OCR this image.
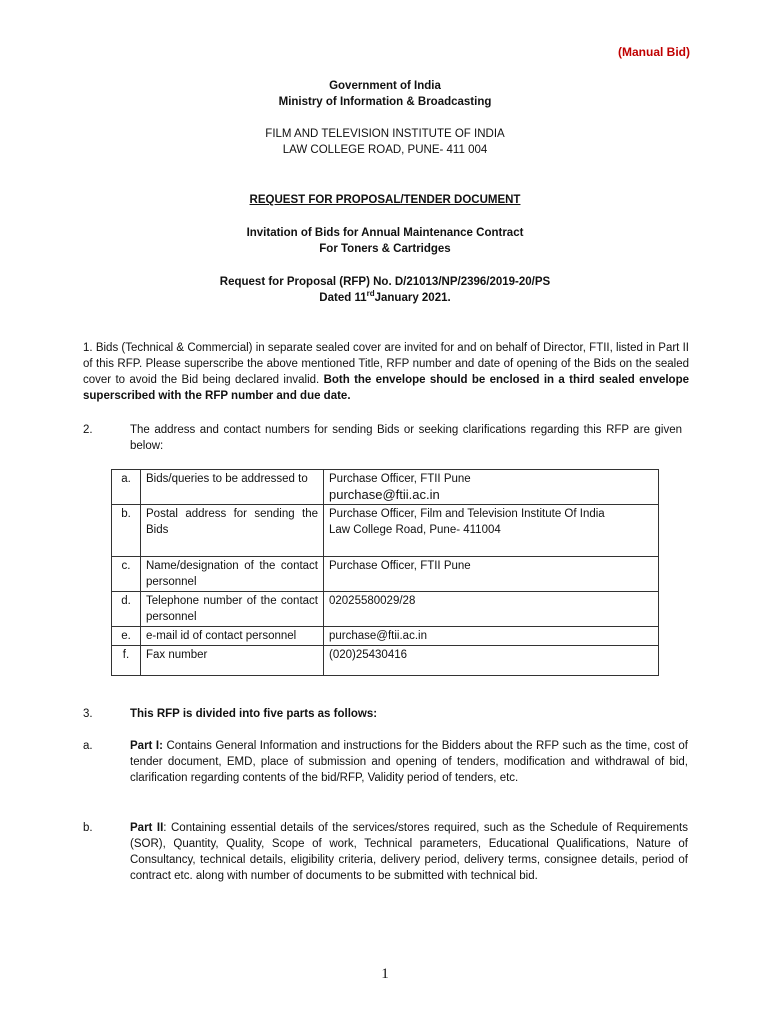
(Manual Bid)
Government of India
Ministry of Information & Broadcasting
FILM AND TELEVISION INSTITUTE OF INDIA
LAW COLLEGE ROAD, PUNE- 411 004
REQUEST FOR PROPOSAL/TENDER DOCUMENT
Invitation of Bids for Annual Maintenance Contract
For Toners & Cartridges
Request for Proposal (RFP) No. D/21013/NP/2396/2019-20/PS
Dated 11rdJanuary 2021.
1. Bids (Technical & Commercial) in separate sealed cover are invited for and on behalf of Director, FTII, listed in Part II of this RFP. Please superscribe the above mentioned Title, RFP number and date of opening of the Bids on the sealed cover to avoid the Bid being declared invalid. Both the envelope should be enclosed in a third sealed envelope superscribed with the RFP number and due date.
2.	The address and contact numbers for sending Bids or seeking clarifications regarding this RFP are given below:
a.	Bids/queries to be addressed to	Purchase Officer, FTII Pune
purchase@ftii.ac.in

b.	Postal address for sending the Bids	Purchase Officer, Film and Television Institute Of India
Law College Road, Pune- 411004

c.	Name/designation of the contact personnel	Purchase Officer, FTII Pune
d.	Telephone number of the contact personnel	02025580029/28
e.	e-mail id of contact personnel	purchase@ftii.ac.in
f.	Fax number	(020)25430416
3.	This RFP is divided into five parts as follows:
a.	Part I: Contains General Information and instructions for the Bidders about the RFP such as the time, cost of tender document, EMD, place of submission and opening of tenders, modification and withdrawal of bid, clarification regarding contents of the bid/RFP, Validity period of tenders, etc.
b.	Part II: Containing essential details of the services/stores required, such as the Schedule of Requirements (SOR), Quantity, Quality, Scope of work, Technical parameters, Educational Qualifications, Nature of Consultancy, technical details, eligibility criteria, delivery period, delivery terms, consignee details, period of contract etc. along with number of documents to be submitted with technical bid.
1
